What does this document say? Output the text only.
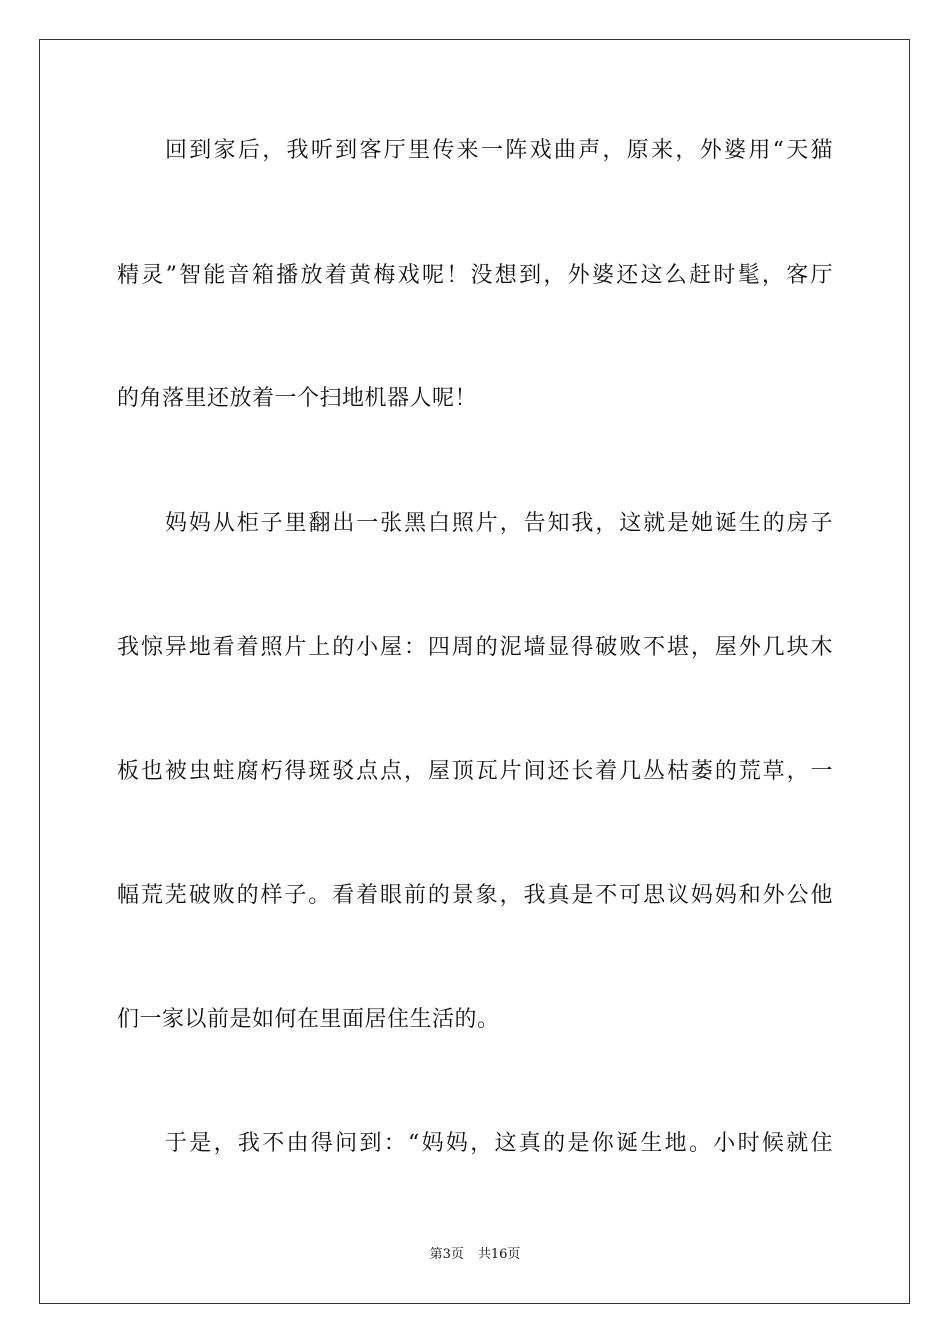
回到家后，我听到客厅里传来一阵戏曲声，原来，外婆用“天猫
精灵”智能音箱播放着黄梅戏呢！没想到，外婆还这么赶时髦，客厅
的角落里还放着一个扫地机器人呢！
妈妈从柜子里翻出一张黑白照片，告知我，这就是她诞生的房子
我惊异地看着照片上的小屋：四周的泥墙显得破败不堪，屋外几块木
板也被虫蛀腐朽得斑驳点点，屋顶瓦片间还长着几丛枯萎的荒草，一
幅荒芜破败的样子。看着眼前的景象，我真是不可思议妈妈和外公他
们一家以前是如何在里面居住生活的。
于是，我不由得问到：“妈妈，这真的是你诞生地。小时候就住
第3页 共16页
